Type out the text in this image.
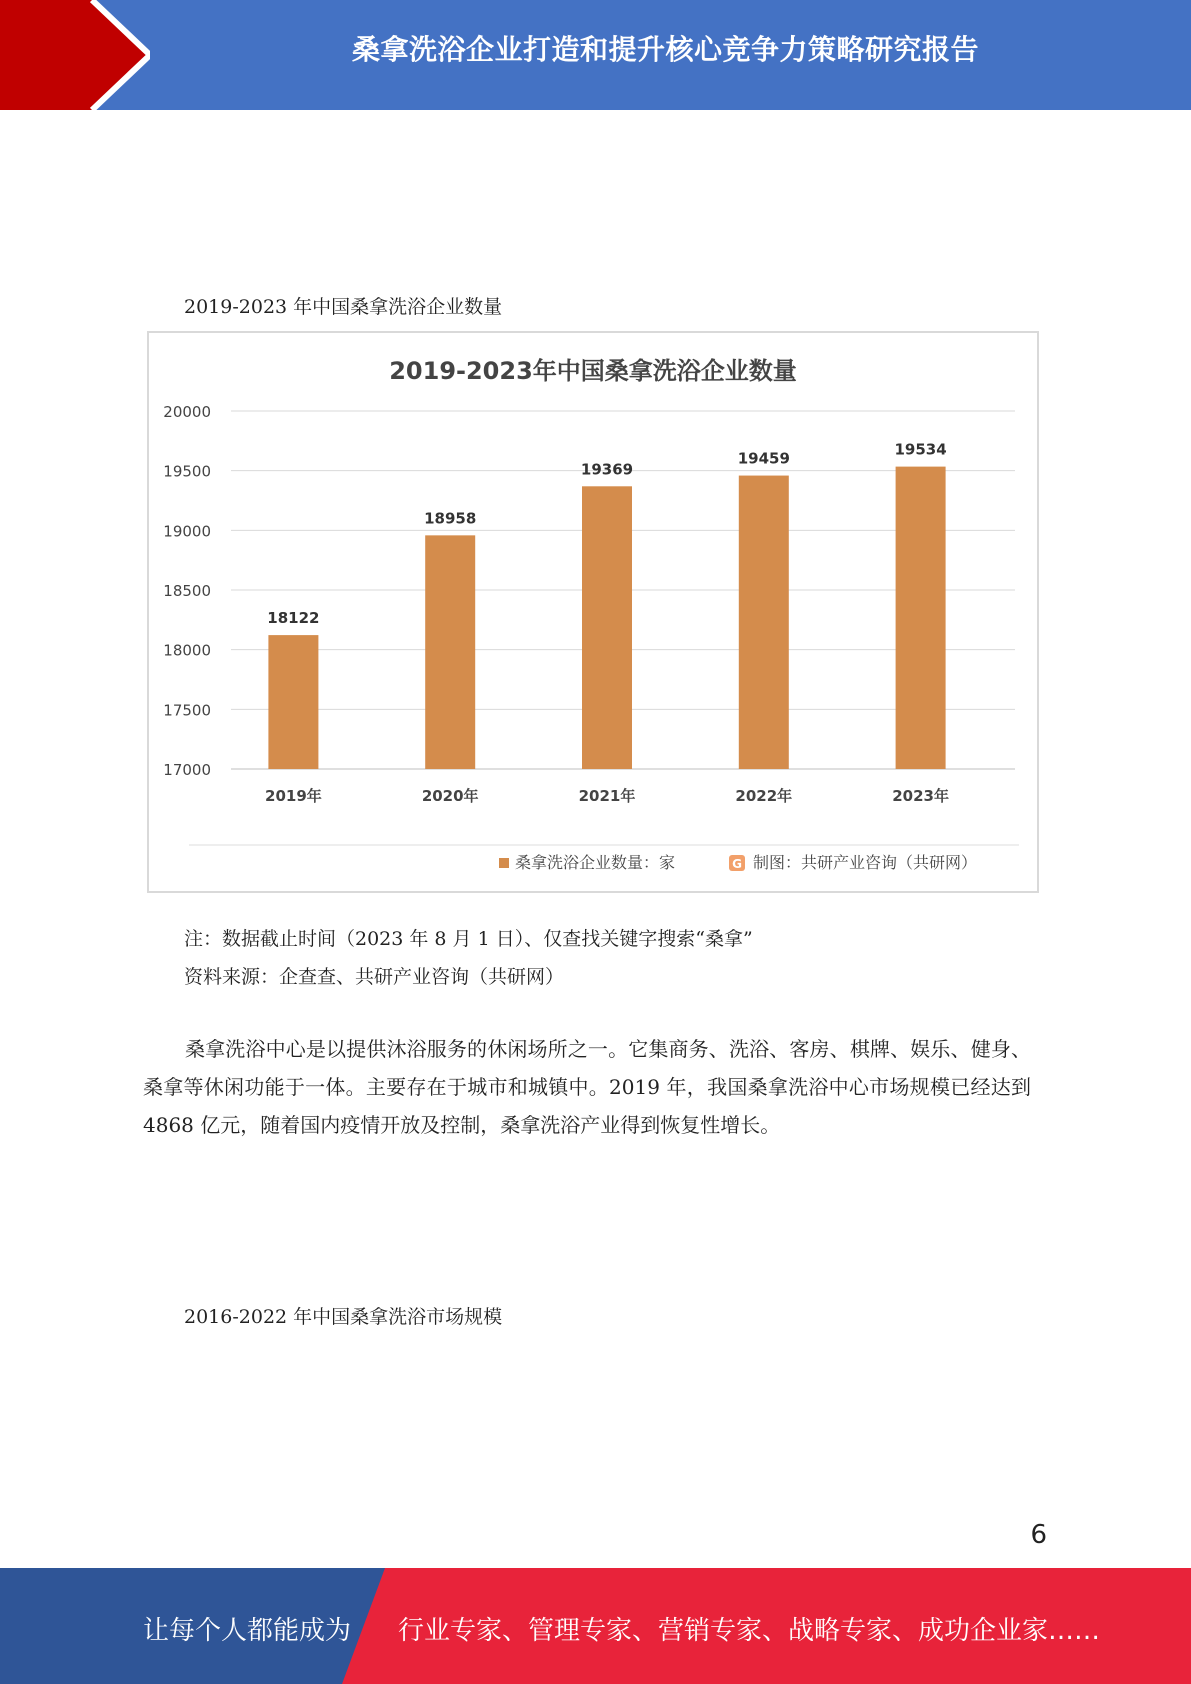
桑拿洗浴企业打造和提升核心竞争力策略研究报告
2019-2023 年中国桑拿洗浴企业数量
2019-2023年中国桑拿洗浴企业数量
17000
17500
18000
18500
19000
19500
20000
18122
2019年
18958
2020年
19369
2021年
19459
2022年
19534
2023年
桑拿洗浴企业数量：家	G 制图：共研产业咨询（共研网）
注：数据截止时间（2023 年 8 月 1 日）、仅查找关键字搜索“桑拿”
资料来源：企查查、共研产业咨询（共研网）
桑拿洗浴中心是以提供沐浴服务的休闲场所之一。它集商务、洗浴、客房、棋牌、娱乐、健身、桑拿等休闲功能于一体。主要存在于城市和城镇中。2019 年，我国桑拿洗浴中心市场规模已经达到 4868 亿元，随着国内疫情开放及控制，桑拿洗浴产业得到恢复性增长。
2016-2022 年中国桑拿洗浴市场规模
6
让每个人都能成为 行业专家、管理专家、营销专家、战略专家、成功企业家……
